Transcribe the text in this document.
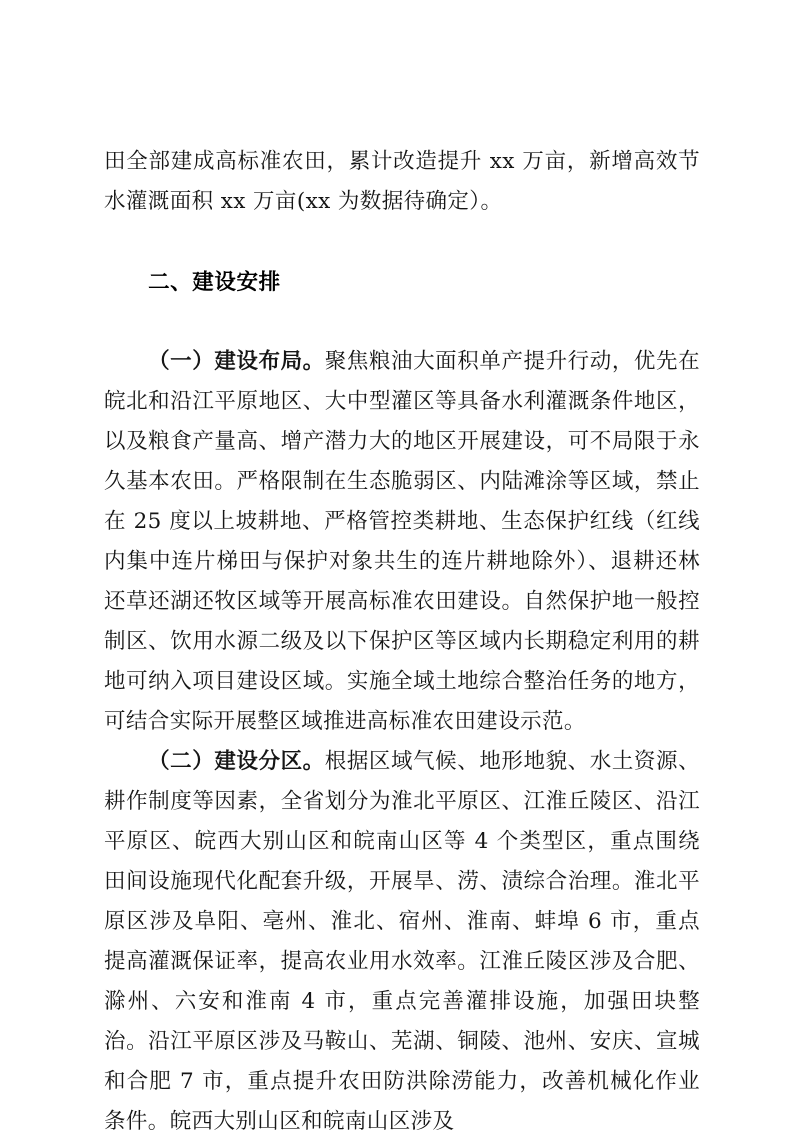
田全部建成高标准农田，累计改造提升 xx 万亩，新增高效节水灌溉面积 xx 万亩(xx 为数据待确定）。

二、建设安排

（一）建设布局。聚焦粮油大面积单产提升行动，优先在皖北和沿江平原地区、大中型灌区等具备水利灌溉条件地区，以及粮食产量高、增产潜力大的地区开展建设，可不局限于永久基本农田。严格限制在生态脆弱区、内陆滩涂等区域，禁止在 25 度以上坡耕地、严格管控类耕地、生态保护红线（红线内集中连片梯田与保护对象共生的连片耕地除外）、退耕还林还草还湖还牧区域等开展高标准农田建设。自然保护地一般控制区、饮用水源二级及以下保护区等区域内长期稳定利用的耕地可纳入项目建设区域。实施全域土地综合整治任务的地方，可结合实际开展整区域推进高标准农田建设示范。

（二）建设分区。根据区域气候、地形地貌、水土资源、耕作制度等因素，全省划分为淮北平原区、江淮丘陵区、沿江平原区、皖西大别山区和皖南山区等 4 个类型区，重点围绕田间设施现代化配套升级，开展旱、涝、渍综合治理。淮北平原区涉及阜阳、亳州、淮北、宿州、淮南、蚌埠 6 市，重点提高灌溉保证率，提高农业用水效率。江淮丘陵区涉及合肥、滁州、六安和淮南 4 市，重点完善灌排设施，加强田块整治。沿江平原区涉及马鞍山、芜湖、铜陵、池州、安庆、宣城和合肥 7 市，重点提升农田防洪除涝能力，改善机械化作业条件。皖西大别山区和皖南山区涉及
